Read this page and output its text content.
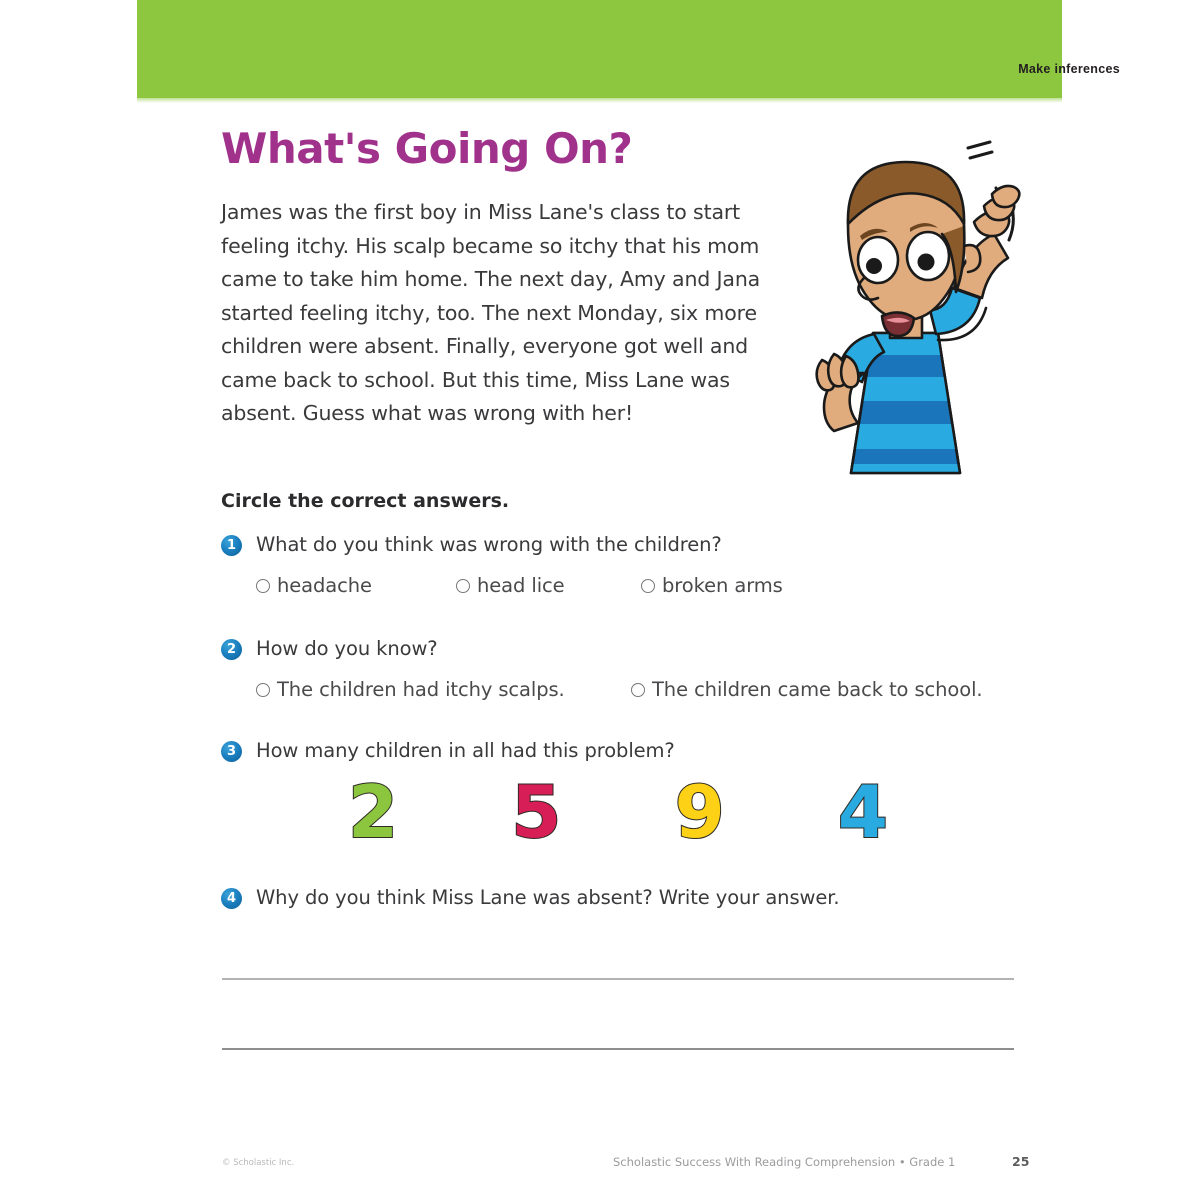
Make inferences
What's Going On?

James was the first boy in Miss Lane's class to start feeling itchy. His scalp became so itchy that his mom came to take him home. The next day, Amy and Jana started feeling itchy, too. The next Monday, six more children were absent. Finally, everyone got well and came back to school. But this time, Miss Lane was absent. Guess what was wrong with her!

Circle the correct answers.
1	What do you think was wrong with the children?
headache	head lice	broken arms
2	How do you know?
The children had itchy scalps.	The children came back to school.
3	How many children in all had this problem?
2 5 9 4
4	Why do you think Miss Lane was absent? Write your answer.
© Scholastic Inc.	Scholastic Success With Reading Comprehension • Grade 1	25
